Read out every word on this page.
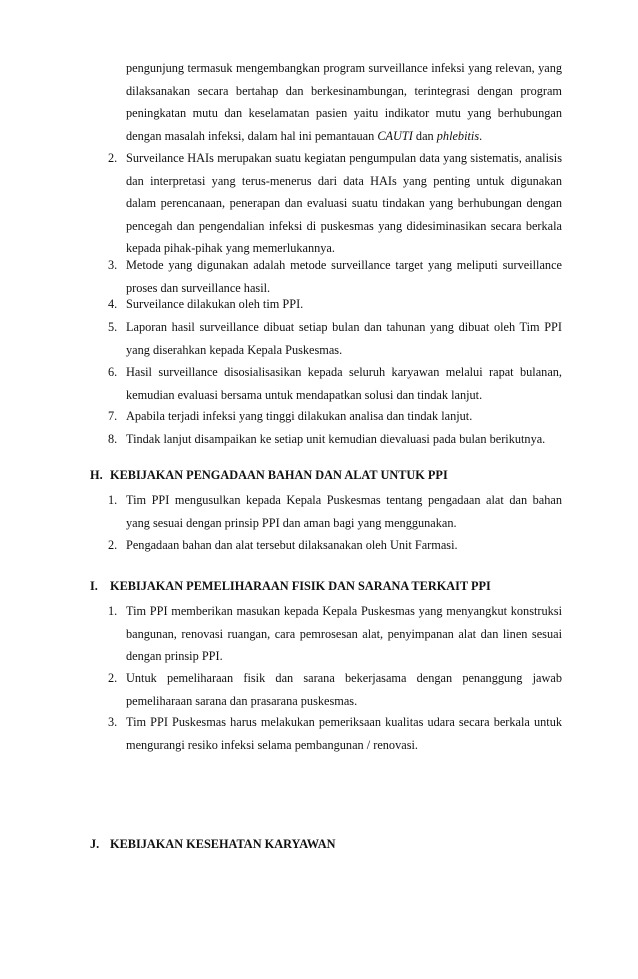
pengunjung termasuk mengembangkan program surveillance infeksi yang relevan, yang dilaksanakan secara bertahap dan berkesinambungan, terintegrasi dengan program peningkatan mutu dan keselamatan pasien yaitu indikator mutu yang berhubungan dengan masalah infeksi, dalam hal ini pemantauan CAUTI dan phlebitis.

2. Surveilance HAIs merupakan suatu kegiatan pengumpulan data yang sistematis, analisis dan interpretasi yang terus-menerus dari data HAIs yang penting untuk digunakan dalam perencanaan, penerapan dan evaluasi suatu tindakan yang berhubungan dengan pencegah dan pengendalian infeksi di puskesmas yang didesiminasikan secara berkala kepada pihak-pihak yang memerlukannya.
3. Metode yang digunakan adalah metode surveillance target yang meliputi surveillance proses dan surveillance hasil.
4. Surveilance dilakukan oleh tim PPI.
5. Laporan hasil surveillance dibuat setiap bulan dan tahunan yang dibuat oleh Tim PPI yang diserahkan kepada Kepala Puskesmas.
6. Hasil surveillance disosialisasikan kepada seluruh karyawan melalui rapat bulanan, kemudian evaluasi bersama untuk mendapatkan solusi dan tindak lanjut.
7. Apabila terjadi infeksi yang tinggi dilakukan analisa dan tindak lanjut.
8. Tindak lanjut disampaikan ke setiap unit kemudian dievaluasi pada bulan berikutnya.
H. KEBIJAKAN PENGADAAN BAHAN DAN ALAT UNTUK PPI
1. Tim PPI mengusulkan kepada Kepala Puskesmas tentang pengadaan alat dan bahan yang sesuai dengan prinsip PPI dan aman bagi yang menggunakan.
2. Pengadaan bahan dan alat tersebut dilaksanakan oleh Unit Farmasi.
I. KEBIJAKAN PEMELIHARAAN FISIK DAN SARANA TERKAIT PPI
1. Tim PPI memberikan masukan kepada Kepala Puskesmas yang menyangkut konstruksi bangunan, renovasi ruangan, cara pemrosesan alat, penyimpanan alat dan linen sesuai dengan prinsip PPI.
2. Untuk pemeliharaan fisik dan sarana bekerjasama dengan penanggung jawab pemeliharaan sarana dan prasarana puskesmas.
3. Tim PPI Puskesmas harus melakukan pemeriksaan kualitas udara secara berkala untuk mengurangi resiko infeksi selama pembangunan / renovasi.
J. KEBIJAKAN KESEHATAN KARYAWAN
